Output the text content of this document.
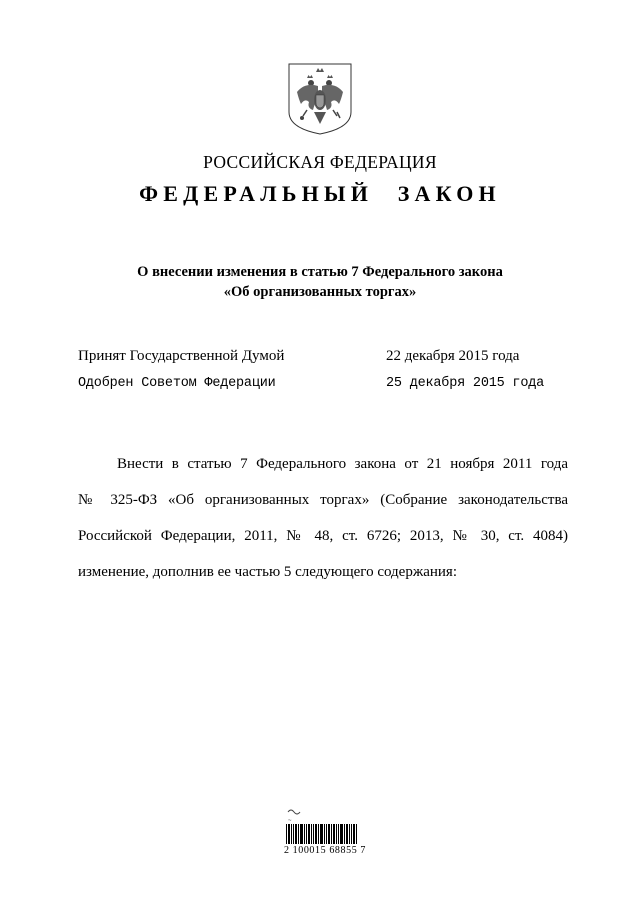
РОССИЙСКАЯ ФЕДЕРАЦИЯ
ФЕДЕРАЛЬНЫЙ ЗАКОН
О внесении изменения в статью 7 Федерального закона
«Об организованных торгах»
Принят Государственной Думой	22 декабря 2015 года
Одобрен Советом Федерации	25 декабря 2015 года
Внести в статью 7 Федерального закона от 21 ноября 2011 года
№ 325-ФЗ «Об организованных торгах» (Собрание законодательства
Российской Федерации, 2011, № 48, ст. 6726; 2013, № 30, ст. 4084)
изменение, дополнив ее частью 5 следующего содержания:
~
2 100015 68855 7
